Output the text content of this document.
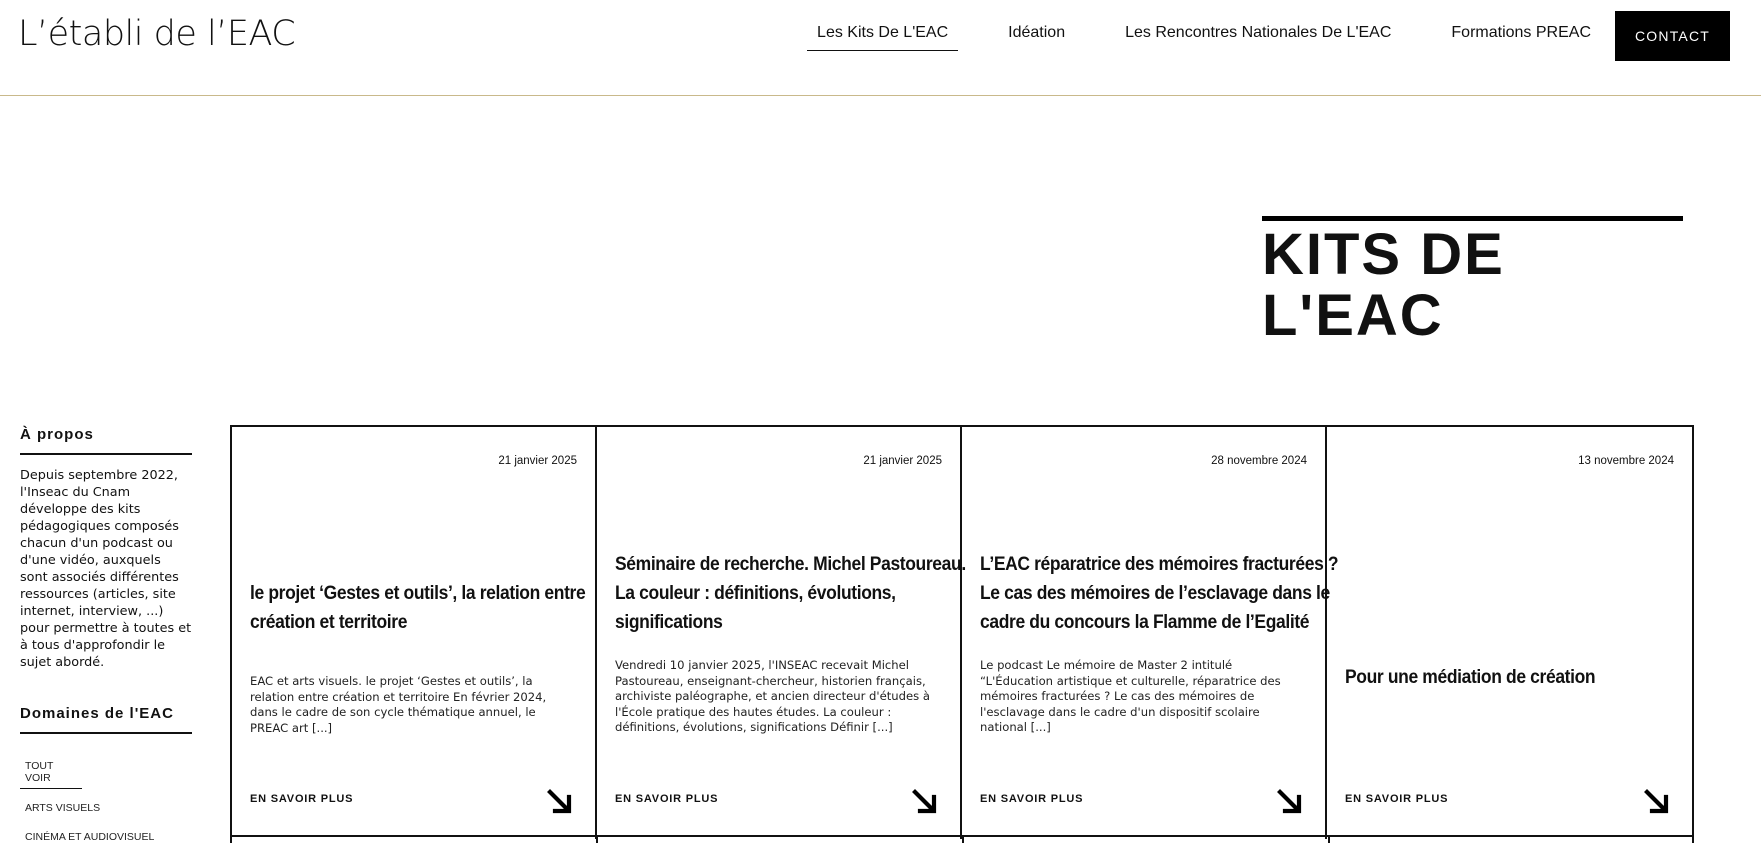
L’établi de l’EAC	Les Kits De L'EAC	Idéation	Les Rencontres Nationales De L'EAC	Formations PREAC	CONTACT
KITS DE L'EAC
À propos

Depuis septembre 2022, l'Inseac du Cnam développe des kits pédagogiques composés chacun d'un podcast ou d'une vidéo, auxquels sont associés différentes ressources (articles, site internet, interview, ...) pour permettre à toutes et à tous d'approfondir le sujet abordé.

Domaines de l'EAC
TOUT VOIR
ARTS VISUELS
CINÉMA ET AUDIOVISUEL
21 janvier 2025
le projet ‘Gestes et outils’, la relation entre création et territoire
EAC et arts visuels. le projet ‘Gestes et outils’, la relation entre création et territoire En février 2024, dans le cadre de son cycle thématique annuel, le PREAC art [...]
EN SAVOIR PLUS
21 janvier 2025
Séminaire de recherche. Michel Pastoureau. La couleur : définitions, évolutions, significations
Vendredi 10 janvier 2025, l'INSEAC recevait Michel Pastoureau, enseignant-chercheur, historien français, archiviste paléographe, et ancien directeur d'études à l'École pratique des hautes études. La couleur : définitions, évolutions, significations Définir [...]
EN SAVOIR PLUS
28 novembre 2024
L’EAC réparatrice des mémoires fracturées ? Le cas des mémoires de l’esclavage dans le cadre du concours la Flamme de l’Egalité
Le podcast Le mémoire de Master 2 intitulé “L'Éducation artistique et culturelle, réparatrice des mémoires fracturées ? Le cas des mémoires de l'esclavage dans le cadre d'un dispositif scolaire national [...]
EN SAVOIR PLUS
13 novembre 2024
Pour une médiation de création
EN SAVOIR PLUS
